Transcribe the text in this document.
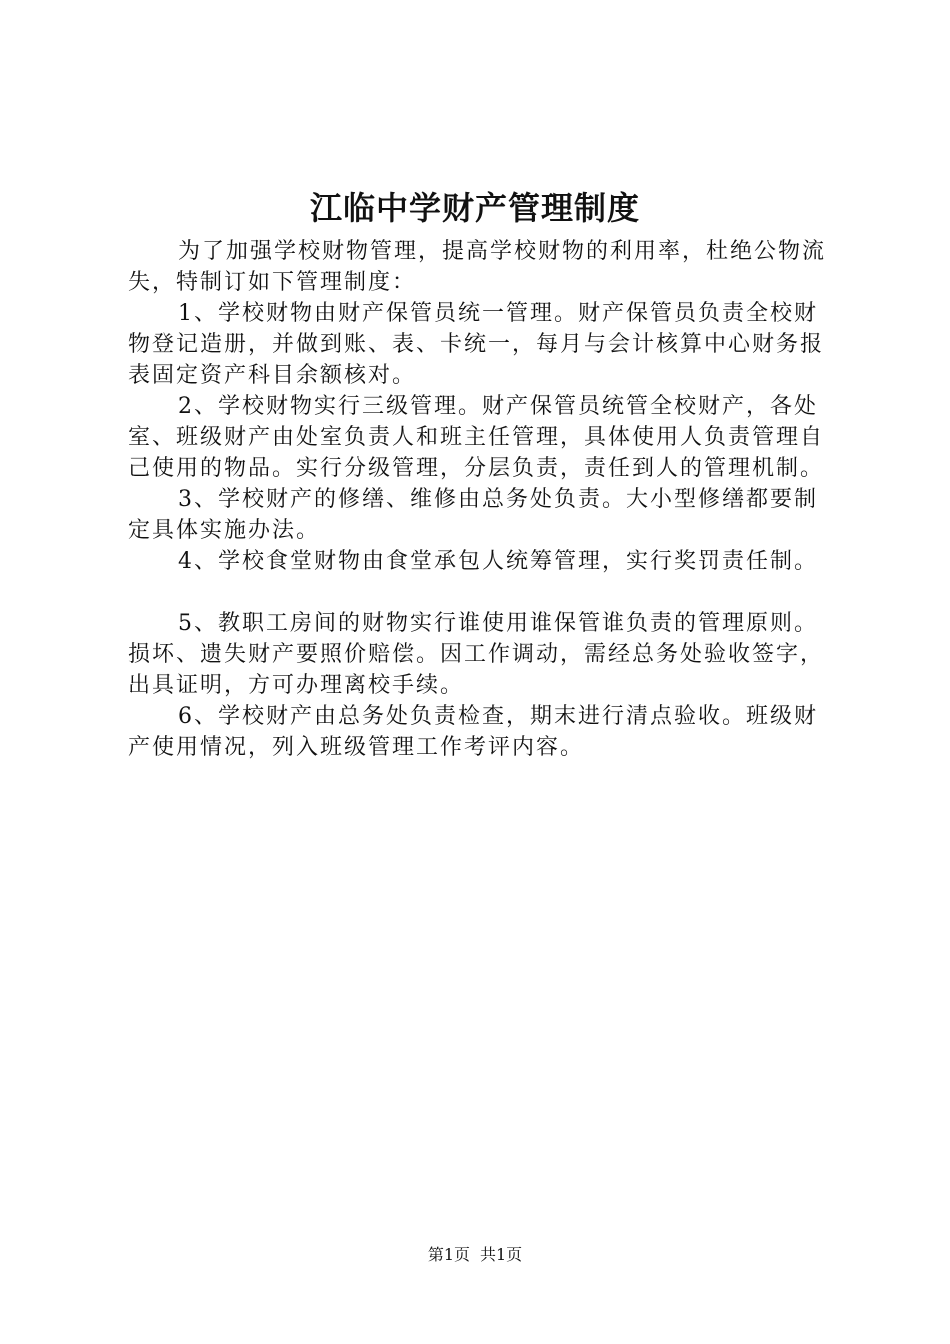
江临中学财产管理制度

为了加强学校财物管理，提高学校财物的利用率，杜绝公物流失，特制订如下管理制度：

1、学校财物由财产保管员统一管理。财产保管员负责全校财物登记造册，并做到账、表、卡统一，每月与会计核算中心财务报表固定资产科目余额核对。

2、学校财物实行三级管理。财产保管员统管全校财产，各处室、班级财产由处室负责人和班主任管理，具体使用人负责管理自己使用的物品。实行分级管理，分层负责，责任到人的管理机制。

3、学校财产的修缮、维修由总务处负责。大小型修缮都要制定具体实施办法。

4、学校食堂财物由食堂承包人统筹管理，实行奖罚责任制。

5、教职工房间的财物实行谁使用谁保管谁负责的管理原则。损坏、遗失财产要照价赔偿。因工作调动，需经总务处验收签字，出具证明，方可办理离校手续。

6、学校财产由总务处负责检查，期末进行清点验收。班级财产使用情况，列入班级管理工作考评内容。

第1页 共1页
